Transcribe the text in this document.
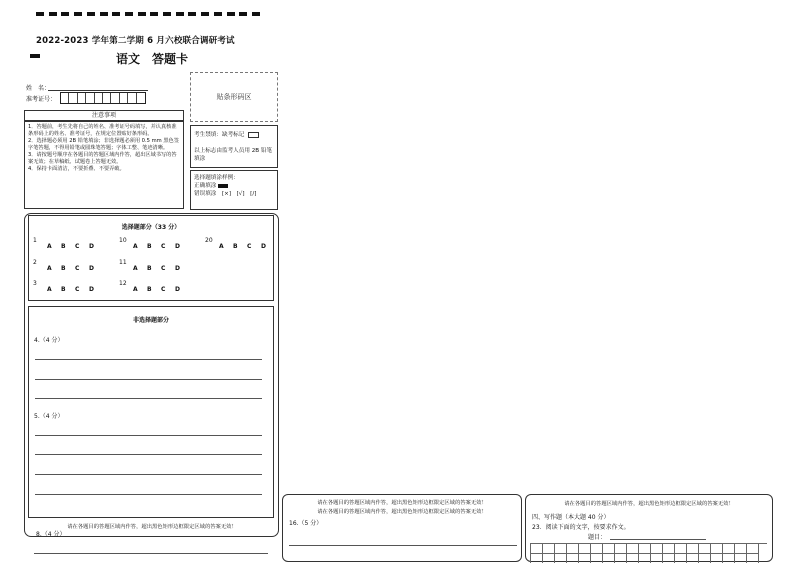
2022-2023 学年第二学期 6 月六校联合调研考试
语文　答题卡
姓　名：
准考证号：	贴条形码区
注意事项
1．答题前，考生先将自己的姓名、准考证号码填写，并认真核准条形码上的姓名、准考证号，在规定位置贴好条形码。
2．选择题必须用 2B 铅笔填涂；非选择题必须用 0.5 mm 黑色签字笔答题，不得用铅笔或圆珠笔答题；字体工整、笔迹清晰。
3．请按题号顺序在各题目的答题区域内作答，超出区域书写的答案无效；在草稿纸、试题卷上答题无效。
4．保持卡面清洁，不要折叠、不要弄破。
考生禁填：缺考标记
以上标志由监考人员用 2B 铅笔填涂
选择题填涂样例：
正确填涂
错误填涂　[×]　[√]　[/]
选择题部分（33 分）
1
A B C D
2
A B C D
3
A B C D
10
A B C D
11
A B C D
12
A B C D
20
A B C D
非选择题部分
4.（4 分）
5.（4 分）
请在各题目的答题区域内作答，超出黑色矩形边框限定区域的答案无效！
8.（4 分）
请在各题目的答题区域内作答，超出黑色矩形边框限定区域的答案无效！
请在各题目的答题区域内作答，超出黑色矩形边框限定区域的答案无效！
16.（5 分）
请在各题目的答题区域内作答，超出黑色矩形边框限定区域的答案无效！
四、写作题（本大题 40 分）
23．阅读下面的文字，按要求作文。
题目：
